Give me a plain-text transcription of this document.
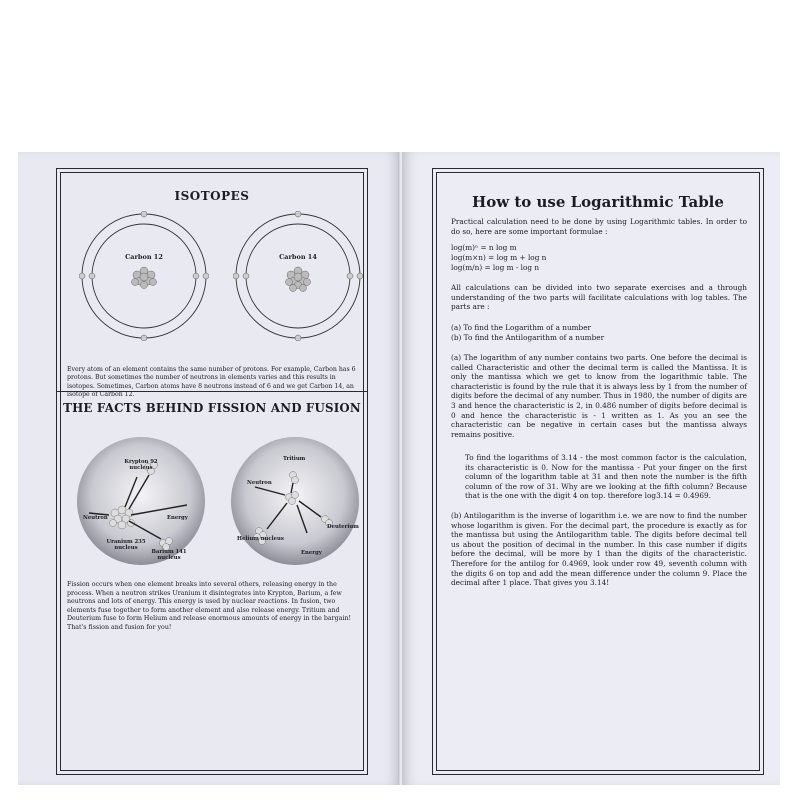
ISOTOPES
Carbon 12	Carbon 14
Every atom of an element contains the same number of protons. For example, Carbon has 6 protons. But sometimes the number of neutrons in elements varies and this results in isotopes. Sometimes, Carbon atoms have 8 neutrons instead of 6 and we get Carbon 14, an isotope of Carbon 12.
THE FACTS BEHIND FISSION AND FUSION
Krypton 92 nucleus
Neutron	Energy
Uranium 235 nucleus
Barium 141 nucleus
Tritium
Neutron
Helium nucleus
Deuterium
Energy
Fission occurs when one element breaks into several others, releasing energy in the process. When a neutron strikes Uranium it disintegrates into Krypton, Barium, a few neutrons and lots of energy. This energy is used by nuclear reactions. In fusion, two elements fuse together to form another element and also release energy. Tritium and Deuterium fuse to form Helium and release enormous amounts of energy in the bargain! That's fission and fusion for you!
How to use Logarithmic Table
Practical calculation need to be done by using Logarithmic tables. In order to do so, here are some important formulae :
log(m)ⁿ = n log m
log(m×n) = log m + log n
log(m/n) = log m - log n
All calculations can be divided into two separate exercises and a through understanding of the two parts will facilitate calculations with log tables. The parts are :
(a) To find the Logarithm of a number
(b) To find the Antilogarithm of a number
(a) The logarithm of any number contains two parts. One before the decimal is called Characteristic and other the decimal term is called the Mantissa. It is only the mantissa which we get to know from the logarithmic table. The characteristic is found by the rule that it is always less by 1 from the number of digits before the decimal of any number. Thus in 1980, the number of digits are 3 and hence the characteristic is 2, in 0.486 number of digits before decimal is 0 and hence the characteristic is - 1 written as 1. As you an see the characteristic can be negative in certain cases but the mantissa always remains positive.
To find the logarithms of 3.14 - the most common factor is the calculation, its characteristic is 0. Now for the mantissa - Put your finger on the first column of the logarithm table at 31 and then note the number is the fifth column of the row of 31. Why are we looking at the fifth column? Because that is the one with the digit 4 on top. therefore log3.14 = 0.4969.
(b) Antilogarithm is the inverse of logarithm i.e. we are now to find the number whose logarithm is given. For the decimal part, the procedure is exactly as for the mantissa but using the Antilogarithm table. The digits before decimal tell us about the position of decimal in the number. In this case number if digits before the decimal, will be more by 1 than the digits of the characteristic. Therefore for the antilog for 0.4969, look under row 49, seventh column with the digits 6 on top and add the mean difference under the column 9. Place the decimal after 1 place. That gives you 3.14!
